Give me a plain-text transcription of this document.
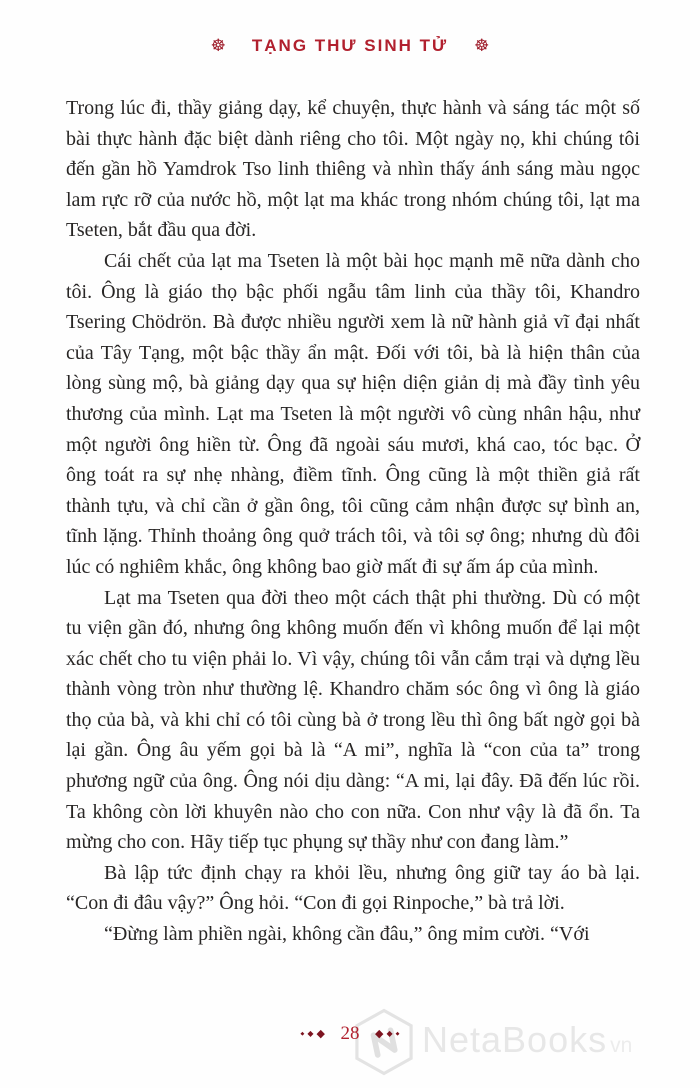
☸ TẠNG THƯ SINH TỬ ☸

Trong lúc đi, thầy giảng dạy, kể chuyện, thực hành và sáng tác một số bài thực hành đặc biệt dành riêng cho tôi. Một ngày nọ, khi chúng tôi đến gần hồ Yamdrok Tso linh thiêng và nhìn thấy ánh sáng màu ngọc lam rực rỡ của nước hồ, một lạt ma khác trong nhóm chúng tôi, lạt ma Tseten, bắt đầu qua đời.

Cái chết của lạt ma Tseten là một bài học mạnh mẽ nữa dành cho tôi. Ông là giáo thọ bậc phối ngẫu tâm linh của thầy tôi, Khandro Tsering Chödrön. Bà được nhiều người xem là nữ hành giả vĩ đại nhất của Tây Tạng, một bậc thầy ẩn mật. Đối với tôi, bà là hiện thân của lòng sùng mộ, bà giảng dạy qua sự hiện diện giản dị mà đầy tình yêu thương của mình. Lạt ma Tseten là một người vô cùng nhân hậu, như một người ông hiền từ. Ông đã ngoài sáu mươi, khá cao, tóc bạc. Ở ông toát ra sự nhẹ nhàng, điềm tĩnh. Ông cũng là một thiền giả rất thành tựu, và chỉ cần ở gần ông, tôi cũng cảm nhận được sự bình an, tĩnh lặng. Thỉnh thoảng ông quở trách tôi, và tôi sợ ông; nhưng dù đôi lúc có nghiêm khắc, ông không bao giờ mất đi sự ấm áp của mình.

Lạt ma Tseten qua đời theo một cách thật phi thường. Dù có một tu viện gần đó, nhưng ông không muốn đến vì không muốn để lại một xác chết cho tu viện phải lo. Vì vậy, chúng tôi vẫn cắm trại và dựng lều thành vòng tròn như thường lệ. Khandro chăm sóc ông vì ông là giáo thọ của bà, và khi chỉ có tôi cùng bà ở trong lều thì ông bất ngờ gọi bà lại gần. Ông âu yếm gọi bà là “A mi”, nghĩa là “con của ta” trong phương ngữ của ông. Ông nói dịu dàng: “A mi, lại đây. Đã đến lúc rồi. Ta không còn lời khuyên nào cho con nữa. Con như vậy là đã ổn. Ta mừng cho con. Hãy tiếp tục phụng sự thầy như con đang làm.”

Bà lập tức định chạy ra khỏi lều, nhưng ông giữ tay áo bà lại. “Con đi đâu vậy?” Ông hỏi. “Con đi gọi Rinpoche,” bà trả lời.

“Đừng làm phiền ngài, không cần đâu,” ông mỉm cười. “Với

◆ ◆ ◆ 28 ◆ ◆ ◆ NetaBooks vn
